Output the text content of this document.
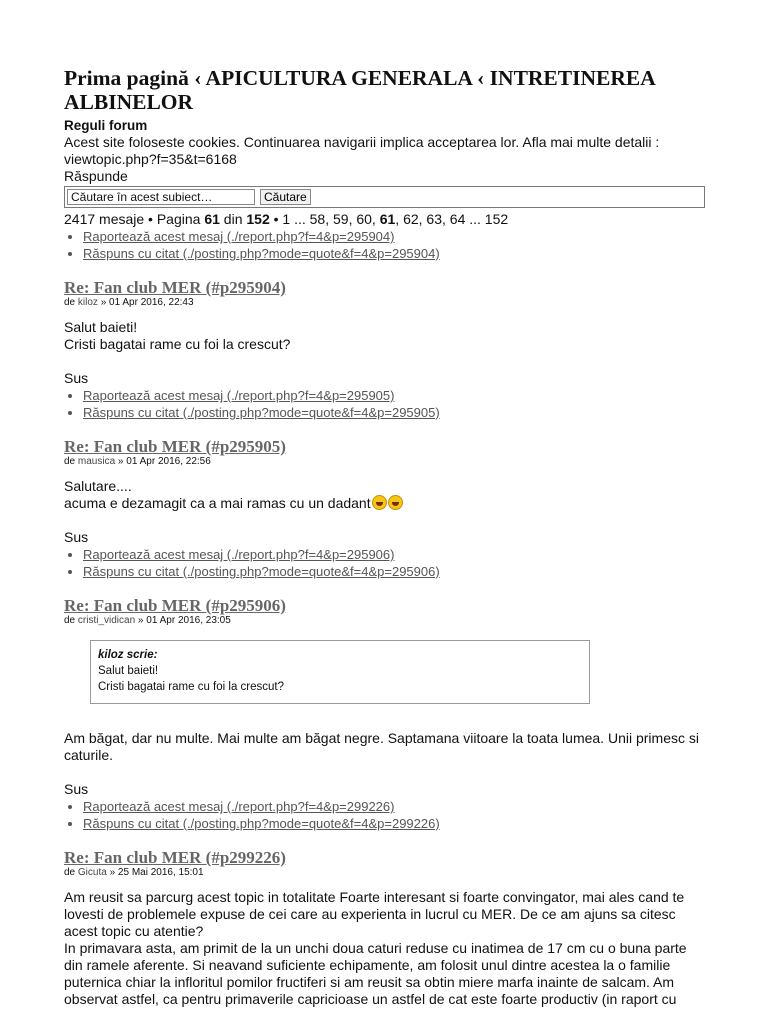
Prima pagină ‹ APICULTURA GENERALA ‹ INTRETINEREA ALBINELOR
Reguli forum
Acest site foloseste cookies. Continuarea navigarii implica acceptarea lor. Afla mai multe detalii : viewtopic.php?f=35&t=6168
Răspunde
Căutare în acest subiect…
Căutare
2417 mesaje • Pagina 61 din 152 • 1 ... 58, 59, 60, 61, 62, 63, 64 ... 152
• Raportează acest mesaj (./report.php?f=4&p=295904)
• Răspuns cu citat (./posting.php?mode=quote&f=4&p=295904)
Re: Fan club MER (#p295904)
de kiloz » 01 Apr 2016, 22:43
Salut baieti!
Cristi bagatai rame cu foi la crescut?
Sus
• Raportează acest mesaj (./report.php?f=4&p=295905)
• Răspuns cu citat (./posting.php?mode=quote&f=4&p=295905)
Re: Fan club MER (#p295905)
de mausica » 01 Apr 2016, 22:56
Salutare....
acuma e dezamagit ca a mai ramas cu un dadant
Sus
• Raportează acest mesaj (./report.php?f=4&p=295906)
• Răspuns cu citat (./posting.php?mode=quote&f=4&p=295906)
Re: Fan club MER (#p295906)
de cristi_vidican » 01 Apr 2016, 23:05
kiloz scrie:
Salut baieti!
Cristi bagatai rame cu foi la crescut?
Am băgat, dar nu multe. Mai multe am băgat negre. Saptamana viitoare la toata lumea. Unii primesc si caturile.
Sus
• Raportează acest mesaj (./report.php?f=4&p=299226)
• Răspuns cu citat (./posting.php?mode=quote&f=4&p=299226)
Re: Fan club MER (#p299226)
de Gicuta » 25 Mai 2016, 15:01
Am reusit sa parcurg acest topic in totalitate Foarte interesant si foarte convingator, mai ales cand te lovesti de problemele expuse de cei care au experienta in lucrul cu MER. De ce am ajuns sa citesc acest topic cu atentie?
In primavara asta, am primit de la un unchi doua caturi reduse cu inatimea de 17 cm cu o buna parte din ramele aferente. Si neavand suficiente echipamente, am folosit unul dintre acestea la o familie puternica chiar la infloritul pomilor fructiferi si am reusit sa obtin miere marfa inainte de salcam. Am observat astfel, ca pentru primaverile capricioase un astfel de cat este foarte productiv (in raport cu
